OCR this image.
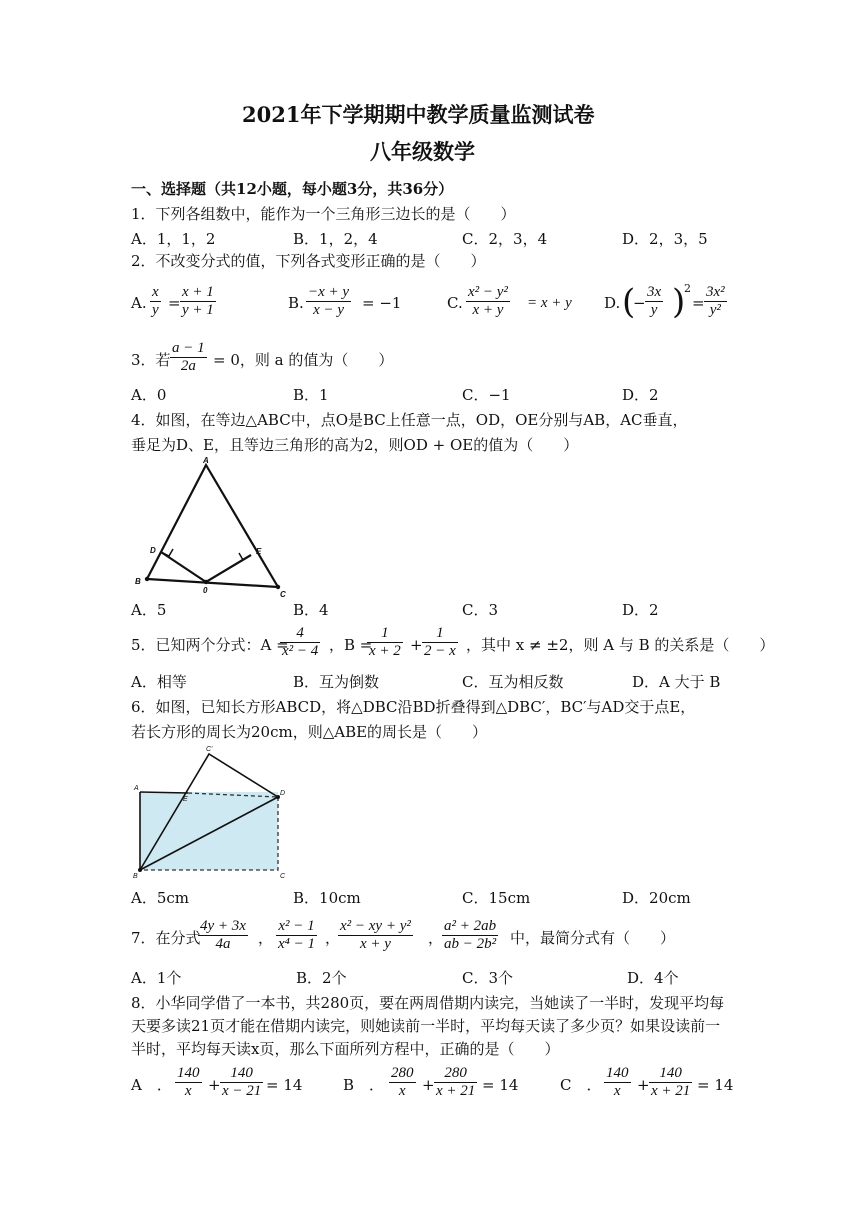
2021年下学期期中教学质量监测试卷
八年级数学
一、选择题（共12小题，每小题3分，共36分）
1．下列各组数中，能作为一个三角形三边长的是（　　）
A．1，1，2	B．1，2，4	C．2，3，4	D．2，3，5
2．不改变分式的值，下列各式变形正确的是（　　）
A.
x
y =
x + 1
y + 1	B.
−x + y
x − y	= −1	C.
x² − y²
x + y	= x + y D. (
−
3x
y )
2
=
3x²
y²
3．若
a − 1
2a	= 0，则 a 的值为（　　）
A．0	B．1	C．−1	D．2
4．如图，在等边△ABC中，点O是BC上任意一点，OD，OE分别与AB，AC垂直，
垂足为D、E，且等边三角形的高为2，则OD + OE的值为（　　）
A
B
C
D	E
0
A．5	B．4	C．3	D．2
5．已知两个分式：A =
4
x² − 4 ，B =
1
x + 2 +
1
2 − x ，其中 x ≠ ±2，则 A 与 B 的关系是（　　）
A．相等	B．互为倒数	C．互为相反数	D．A 大于 B
6．如图，已知长方形ABCD，将△DBC沿BD折叠得到△DBC′，BC′与AD交于点E，
若长方形的周长为20cm，则△ABE的周长是（　　）
A
B	C
C'
D
E
A．5cm	B．10cm	C．15cm	D．20cm
7．在分式
4y + 3x
4a	，
x² − 1
x⁴ − 1 ，
x² − xy + y²
x + y	，
a² + 2ab
ab − 2b² 中，最简分式有（　　）
A．1个	B．2个	C．3个	D．4个
8．小华同学借了一本书，共280页，要在两周借期内读完，当她读了一半时，发现平均每
天要多读21页才能在借期内读完，则她读前一半时，平均每天读了多少页？如果设读前一
半时，平均每天读x页，那么下面所列方程中，正确的是（　　）
A　．
140
x	+
140
x − 21 = 14	B　．
280
x	+
280
x + 21 = 14	C　．
140
x	+
140
x + 21 = 14
